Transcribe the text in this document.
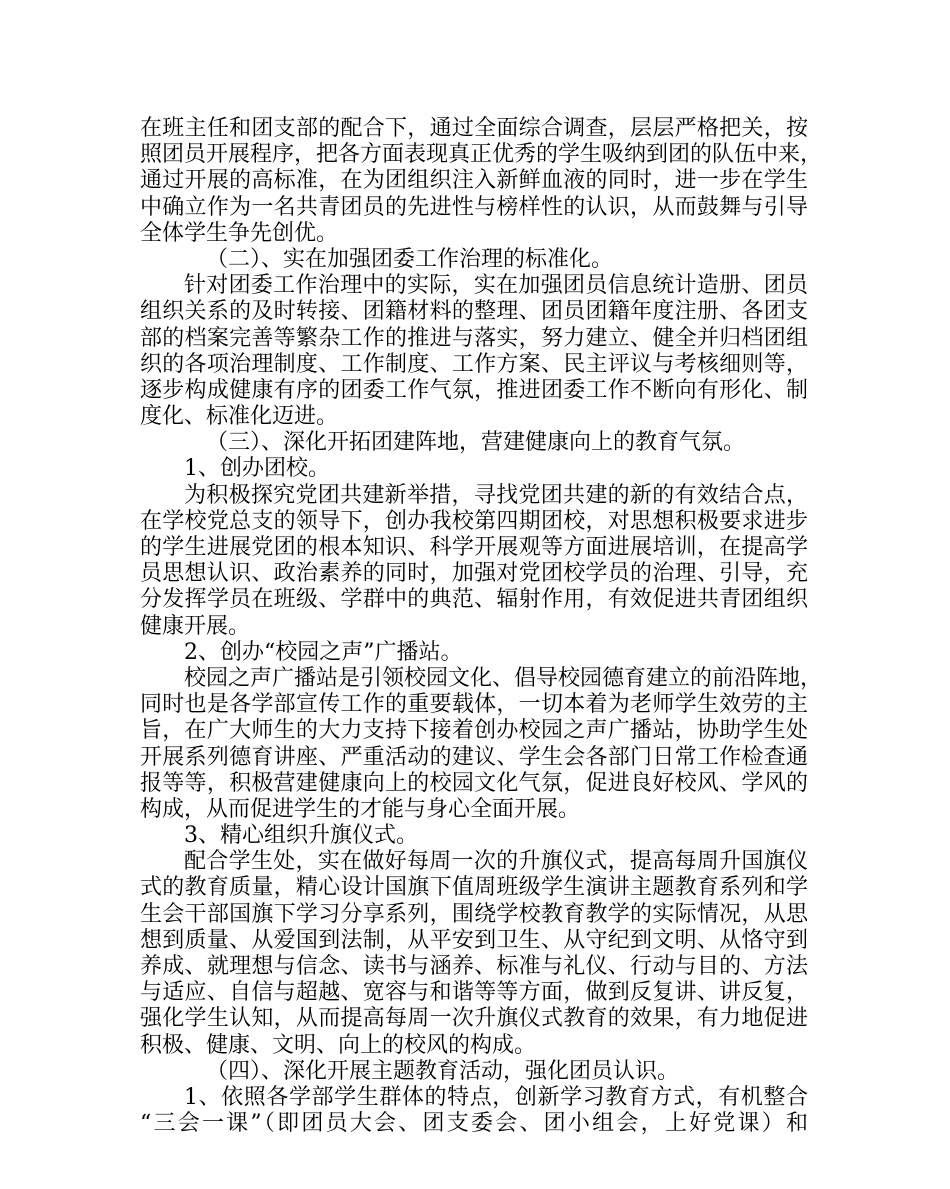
在班主任和团支部的配合下，通过全面综合调查，层层严格把关，按
照团员开展程序，把各方面表现真正优秀的学生吸纳到团的队伍中来，
通过开展的高标准，在为团组织注入新鲜血液的同时，进一步在学生
中确立作为一名共青团员的先进性与榜样性的认识，从而鼓舞与引导
全体学生争先创优。
（二）、实在加强团委工作治理的标准化。
针对团委工作治理中的实际，实在加强团员信息统计造册、团员
组织关系的及时转接、团籍材料的整理、团员团籍年度注册、各团支
部的档案完善等繁杂工作的推进与落实，努力建立、健全并归档团组
织的各项治理制度、工作制度、工作方案、民主评议与考核细则等，
逐步构成健康有序的团委工作气氛，推进团委工作不断向有形化、制
度化、标准化迈进。
（三）、深化开拓团建阵地，营建健康向上的教育气氛。
1、创办团校。
为积极探究党团共建新举措，寻找党团共建的新的有效结合点，
在学校党总支的领导下，创办我校第四期团校，对思想积极要求进步
的学生进展党团的根本知识、科学开展观等方面进展培训，在提高学
员思想认识、政治素养的同时，加强对党团校学员的治理、引导，充
分发挥学员在班级、学群中的典范、辐射作用，有效促进共青团组织
健康开展。
2、创办“校园之声”广播站。
校园之声广播站是引领校园文化、倡导校园德育建立的前沿阵地，
同时也是各学部宣传工作的重要载体，一切本着为老师学生效劳的主
旨，在广大师生的大力支持下接着创办校园之声广播站，协助学生处
开展系列德育讲座、严重活动的建议、学生会各部门日常工作检查通
报等等，积极营建健康向上的校园文化气氛，促进良好校风、学风的
构成，从而促进学生的才能与身心全面开展。
3、精心组织升旗仪式。
配合学生处，实在做好每周一次的升旗仪式，提高每周升国旗仪
式的教育质量，精心设计国旗下值周班级学生演讲主题教育系列和学
生会干部国旗下学习分享系列，围绕学校教育教学的实际情况，从思
想到质量、从爱国到法制，从平安到卫生、从守纪到文明、从恪守到
养成、就理想与信念、读书与涵养、标准与礼仪、行动与目的、方法
与适应、自信与超越、宽容与和谐等等方面，做到反复讲、讲反复，
强化学生认知，从而提高每周一次升旗仪式教育的效果，有力地促进
积极、健康、文明、向上的校风的构成。
（四）、深化开展主题教育活动，强化团员认识。
1、依照各学部学生群体的特点，创新学习教育方式，有机整合
“三会一课”（即团员大会、团支委会、团小组会，上好党课）和
